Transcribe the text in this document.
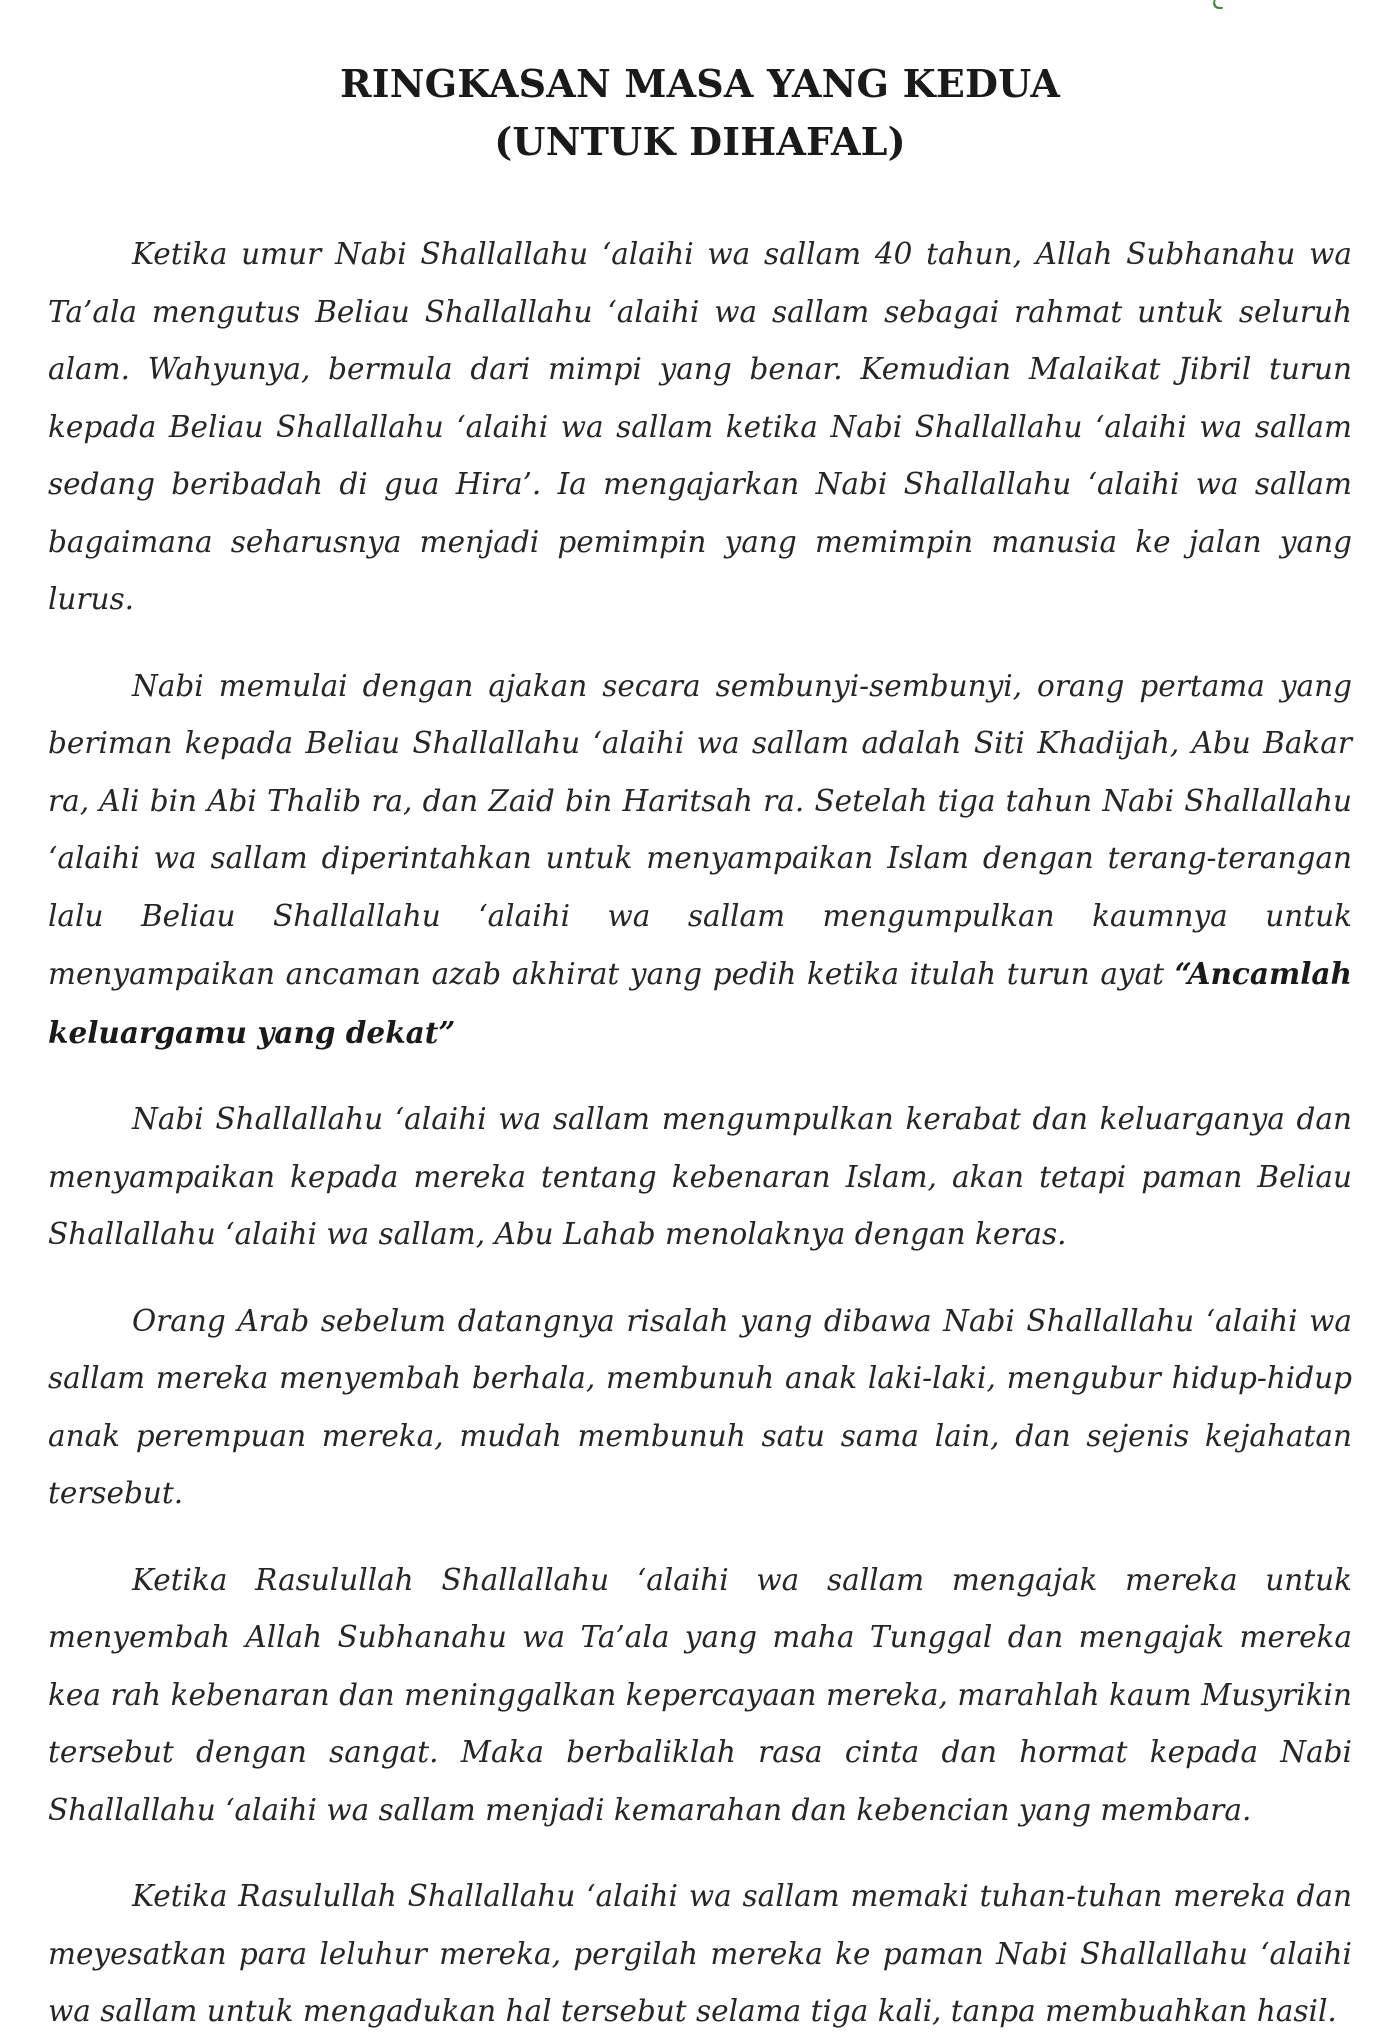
RINGKASAN MASA YANG KEDUA
(UNTUK DIHAFAL)

Ketika umur Nabi Shallallahu ‘alaihi wa sallam 40 tahun, Allah Subhanahu wa Ta’ala mengutus Beliau Shallallahu ‘alaihi wa sallam sebagai rahmat untuk seluruh alam. Wahyunya, bermula dari mimpi yang benar. Kemudian Malaikat Jibril turun kepada Beliau Shallallahu ‘alaihi wa sallam ketika Nabi Shallallahu ‘alaihi wa sallam sedang beribadah di gua Hira’. Ia mengajarkan Nabi Shallallahu ‘alaihi wa sallam bagaimana seharusnya menjadi pemimpin yang memimpin manusia ke jalan yang lurus.

Nabi memulai dengan ajakan secara sembunyi-sembunyi, orang pertama yang beriman kepada Beliau Shallallahu ‘alaihi wa sallam adalah Siti Khadijah, Abu Bakar ra, Ali bin Abi Thalib ra, dan Zaid bin Haritsah ra. Setelah tiga tahun Nabi Shallallahu ‘alaihi wa sallam diperintahkan untuk menyampaikan Islam dengan terang-terangan lalu Beliau Shallallahu ‘alaihi wa sallam mengumpulkan kaumnya untuk menyampaikan ancaman azab akhirat yang pedih ketika itulah turun ayat “Ancamlah keluargamu yang dekat”

Nabi Shallallahu ‘alaihi wa sallam mengumpulkan kerabat dan keluarganya dan menyampaikan kepada mereka tentang kebenaran Islam, akan tetapi paman Beliau Shallallahu ‘alaihi wa sallam, Abu Lahab menolaknya dengan keras.

Orang Arab sebelum datangnya risalah yang dibawa Nabi Shallallahu ‘alaihi wa sallam mereka menyembah berhala, membunuh anak laki-laki, mengubur hidup-hidup anak perempuan mereka, mudah membunuh satu sama lain, dan sejenis kejahatan tersebut.

Ketika Rasulullah Shallallahu ‘alaihi wa sallam mengajak mereka untuk menyembah Allah Subhanahu wa Ta’ala yang maha Tunggal dan mengajak mereka kea rah kebenaran dan meninggalkan kepercayaan mereka, marahlah kaum Musyrikin tersebut dengan sangat. Maka berbaliklah rasa cinta dan hormat kepada Nabi Shallallahu ‘alaihi wa sallam menjadi kemarahan dan kebencian yang membara.

Ketika Rasulullah Shallallahu ‘alaihi wa sallam memaki tuhan-tuhan mereka dan meyesatkan para leluhur mereka, pergilah mereka ke paman Nabi Shallallahu ‘alaihi wa sallam untuk mengadukan hal tersebut selama tiga kali, tanpa membuahkan hasil.
